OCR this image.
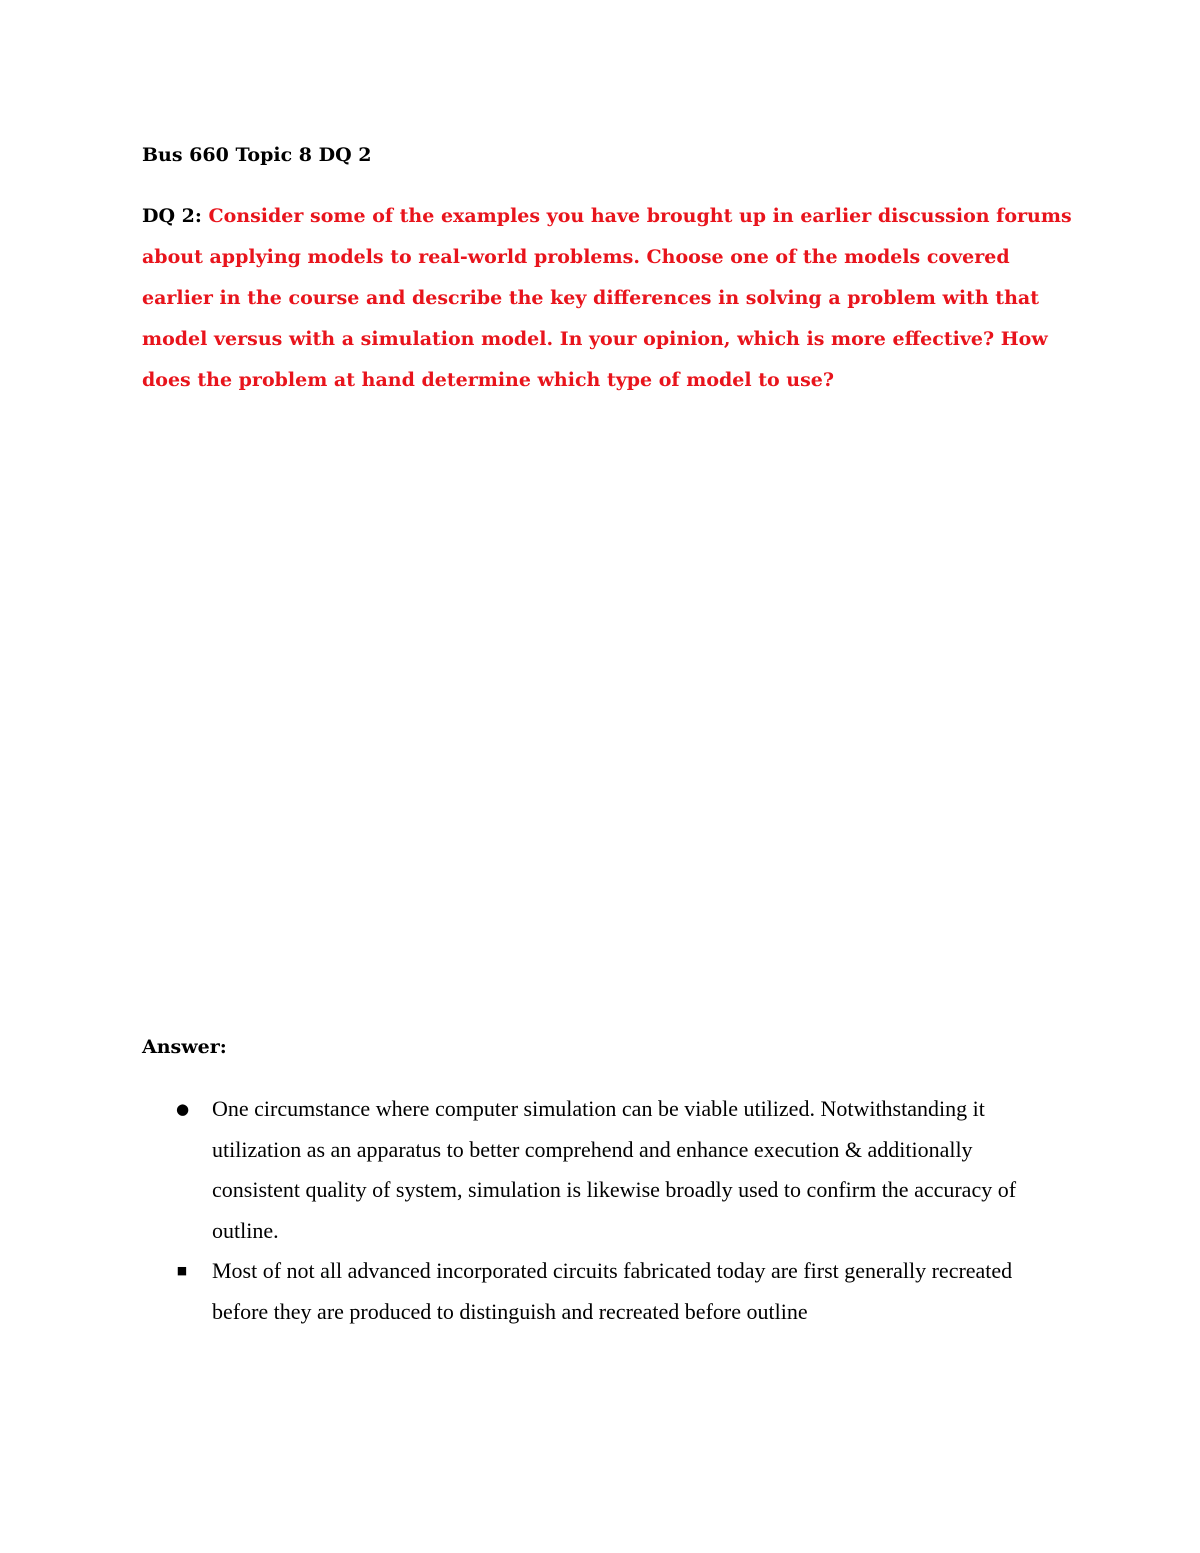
Bus 660 Topic 8 DQ 2

DQ 2: Consider some of the examples you have brought up in earlier discussion forums about applying models to real-world problems. Choose one of the models covered earlier in the course and describe the key differences in solving a problem with that model versus with a simulation model. In your opinion, which is more effective? How does the problem at hand determine which type of model to use?

Answer:

● One circumstance where computer simulation can be viable utilized. Notwithstanding it utilization as an apparatus to better comprehend and enhance execution & additionally consistent quality of system, simulation is likewise broadly used to confirm the accuracy of outline.
■ Most of not all advanced incorporated circuits fabricated today are first generally recreated before they are produced to distinguish and recreated before outline
